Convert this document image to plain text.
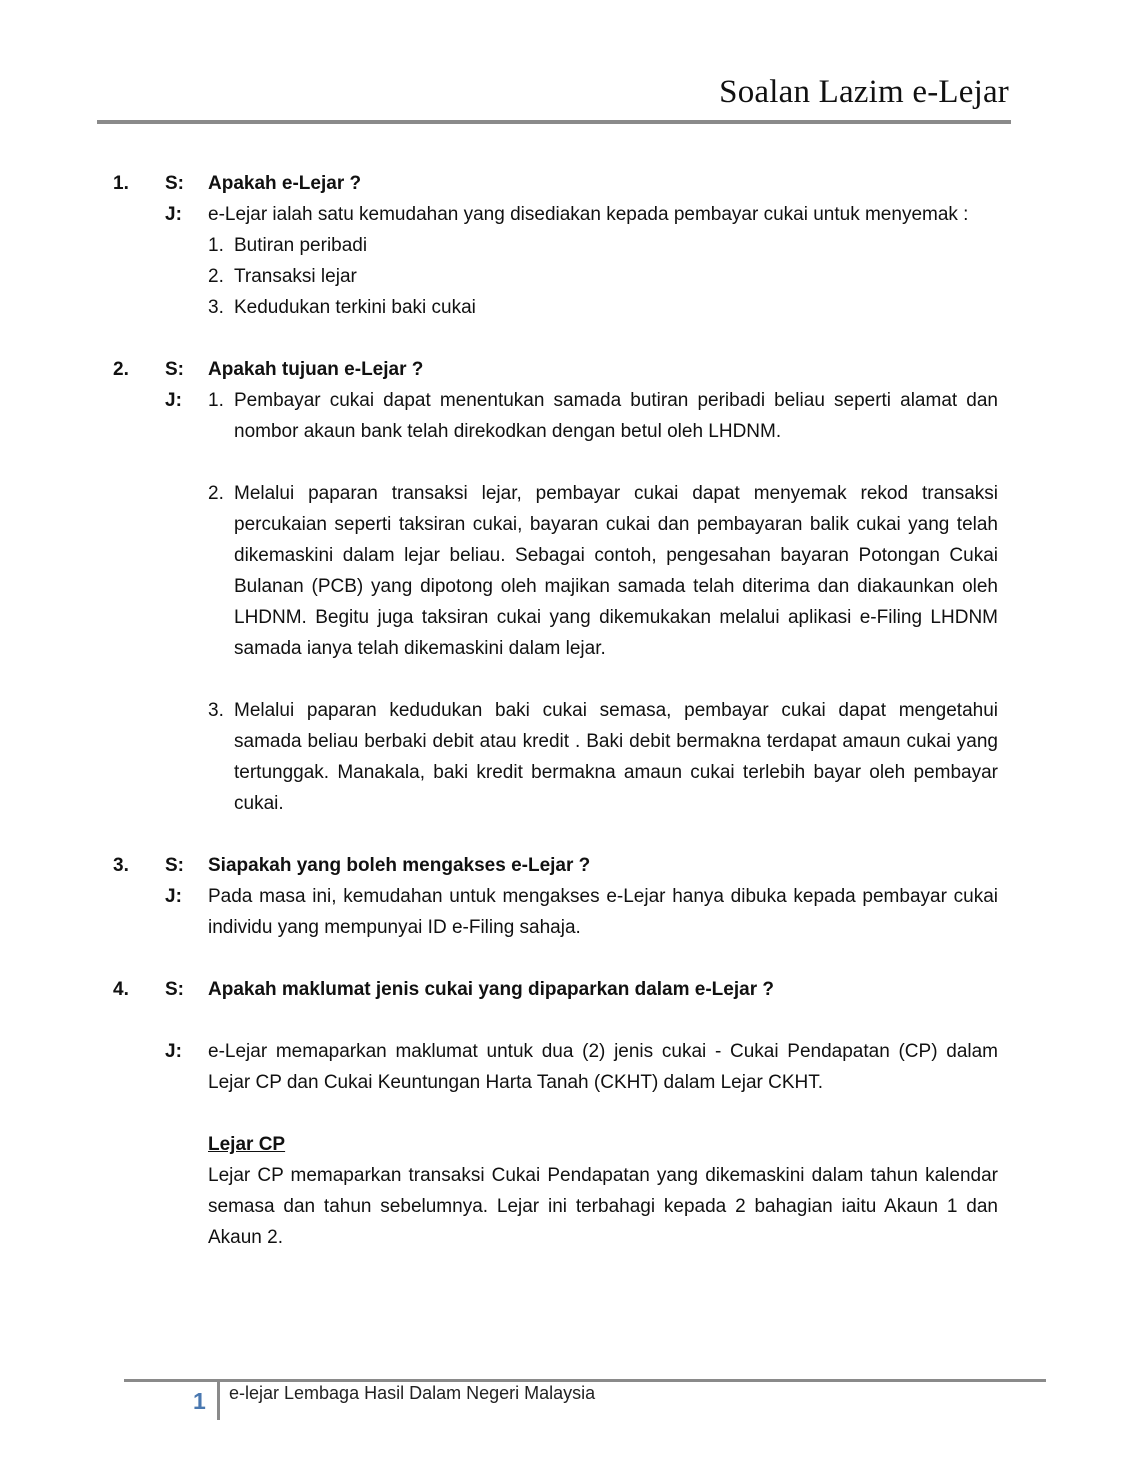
Soalan Lazim e-Lejar
1. S: Apakah e-Lejar ?
J: e-Lejar ialah satu kemudahan yang disediakan kepada pembayar cukai untuk menyemak :
1. Butiran peribadi
2. Transaksi lejar
3. Kedudukan terkini baki cukai
2. S: Apakah tujuan e-Lejar ?
J: 1. Pembayar cukai dapat menentukan samada butiran peribadi beliau seperti alamat dan nombor akaun bank telah direkodkan dengan betul oleh LHDNM.
2. Melalui paparan transaksi lejar, pembayar cukai dapat menyemak rekod transaksi percukaian seperti taksiran cukai, bayaran cukai dan pembayaran balik cukai yang telah dikemaskini dalam lejar beliau. Sebagai contoh, pengesahan bayaran Potongan Cukai Bulanan (PCB) yang dipotong oleh majikan samada telah diterima dan diakaunkan oleh LHDNM. Begitu juga taksiran cukai yang dikemukakan melalui aplikasi e-Filing LHDNM samada ianya telah dikemaskini dalam lejar.
3. Melalui paparan kedudukan baki cukai semasa, pembayar cukai dapat mengetahui samada beliau berbaki debit atau kredit . Baki debit bermakna terdapat amaun cukai yang tertunggak. Manakala, baki kredit bermakna amaun cukai terlebih bayar oleh pembayar cukai.
3. S: Siapakah yang boleh mengakses e-Lejar ?
J: Pada masa ini, kemudahan untuk mengakses e-Lejar hanya dibuka kepada pembayar cukai individu yang mempunyai ID e-Filing sahaja.
4. S: Apakah maklumat jenis cukai yang dipaparkan dalam e-Lejar ?
J: e-Lejar memaparkan maklumat untuk dua (2) jenis cukai - Cukai Pendapatan (CP) dalam Lejar CP dan Cukai Keuntungan Harta Tanah (CKHT) dalam Lejar CKHT.
Lejar CP
Lejar CP memaparkan transaksi Cukai Pendapatan yang dikemaskini dalam tahun kalendar semasa dan tahun sebelumnya. Lejar ini terbahagi kepada 2 bahagian iaitu Akaun 1 dan Akaun 2.
1 e-lejar Lembaga Hasil Dalam Negeri Malaysia
